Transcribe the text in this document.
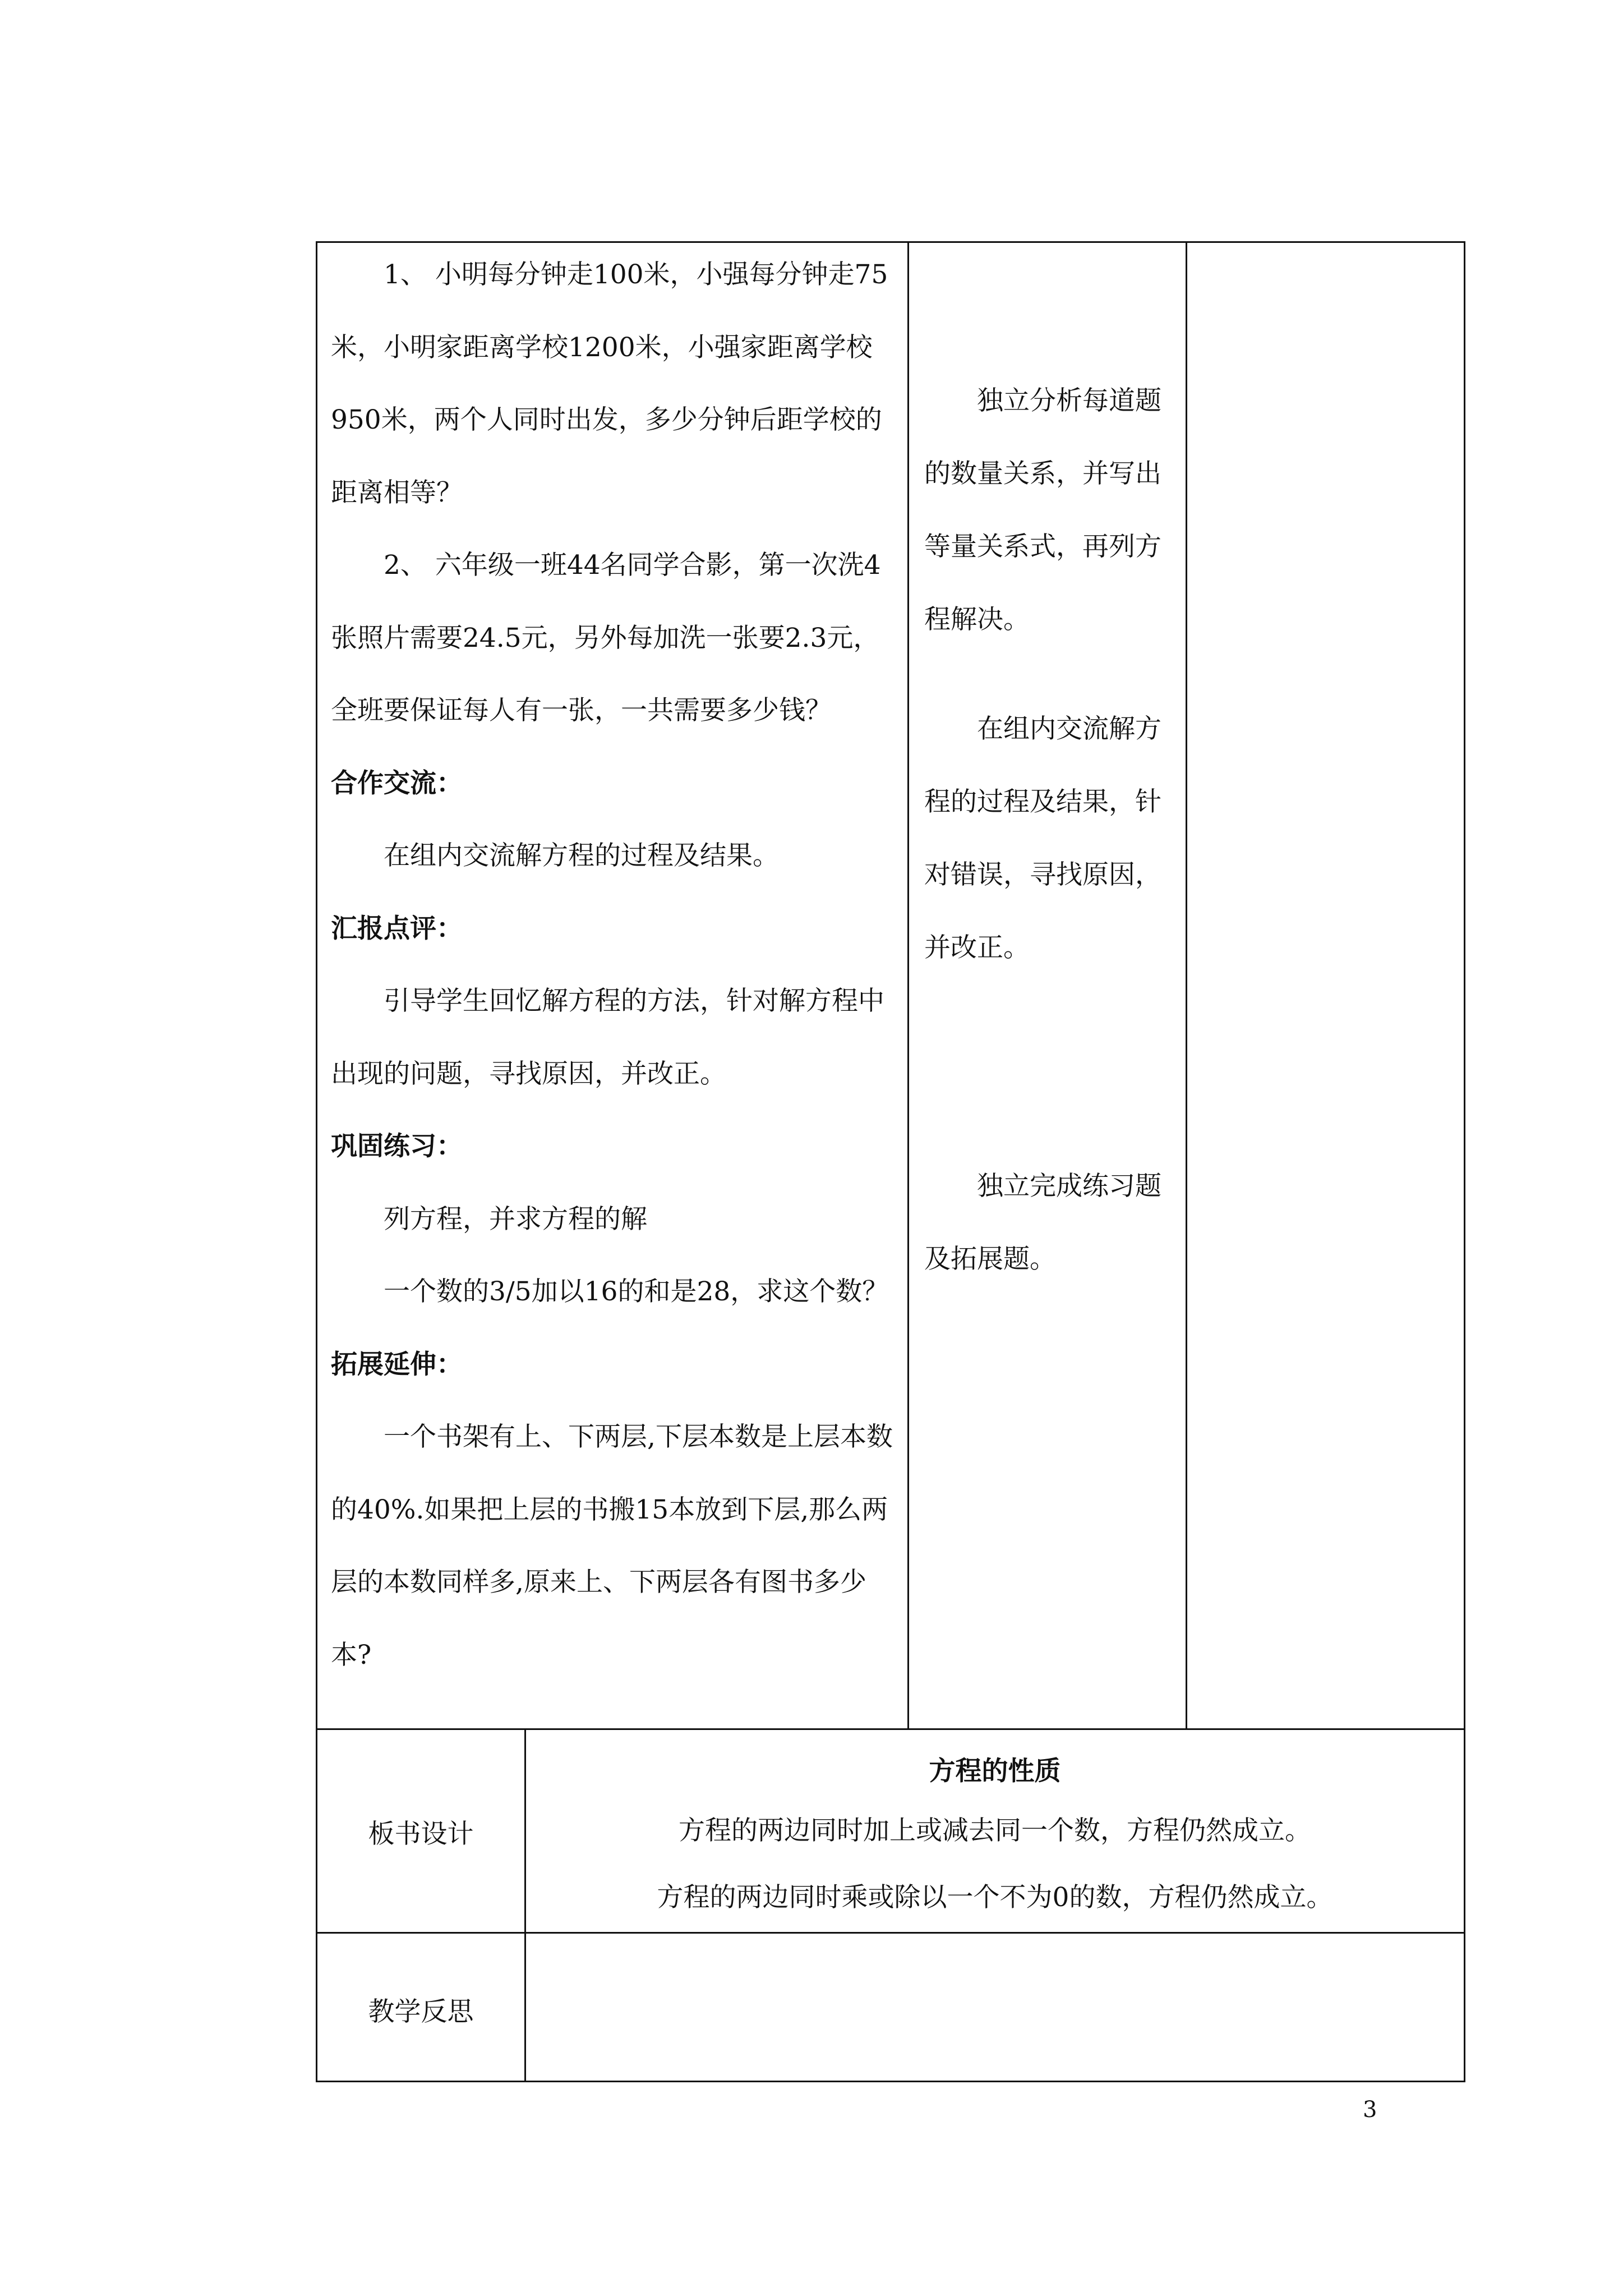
1、 小明每分钟走100米，小强每分钟走75米，小明家距离学校1200米，小强家距离学校950米，两个人同时出发，多少分钟后距学校的距离相等？

2、 六年级一班44名同学合影，第一次洗4张照片需要24.5元，另外每加洗一张要2.3元，全班要保证每人有一张，一共需要多少钱？

合作交流：

在组内交流解方程的过程及结果。

汇报点评：

引导学生回忆解方程的方法，针对解方程中出现的问题，寻找原因，并改正。

巩固练习：

列方程，并求方程的解

一个数的3/5加以16的和是28，求这个数？

拓展延伸：

一个书架有上、下两层,下层本数是上层本数的40%.如果把上层的书搬15本放到下层,那么两层的本数同样多,原来上、下两层各有图书多少本?

独立分析每道题的数量关系，并写出等量关系式，再列方程解决。

在组内交流解方程的过程及结果，针对错误，寻找原因，并改正。

独立完成练习题及拓展题。

板书设计
方程的性质
方程的两边同时加上或减去同一个数，方程仍然成立。
方程的两边同时乘或除以一个不为0的数，方程仍然成立。
教学反思
3
